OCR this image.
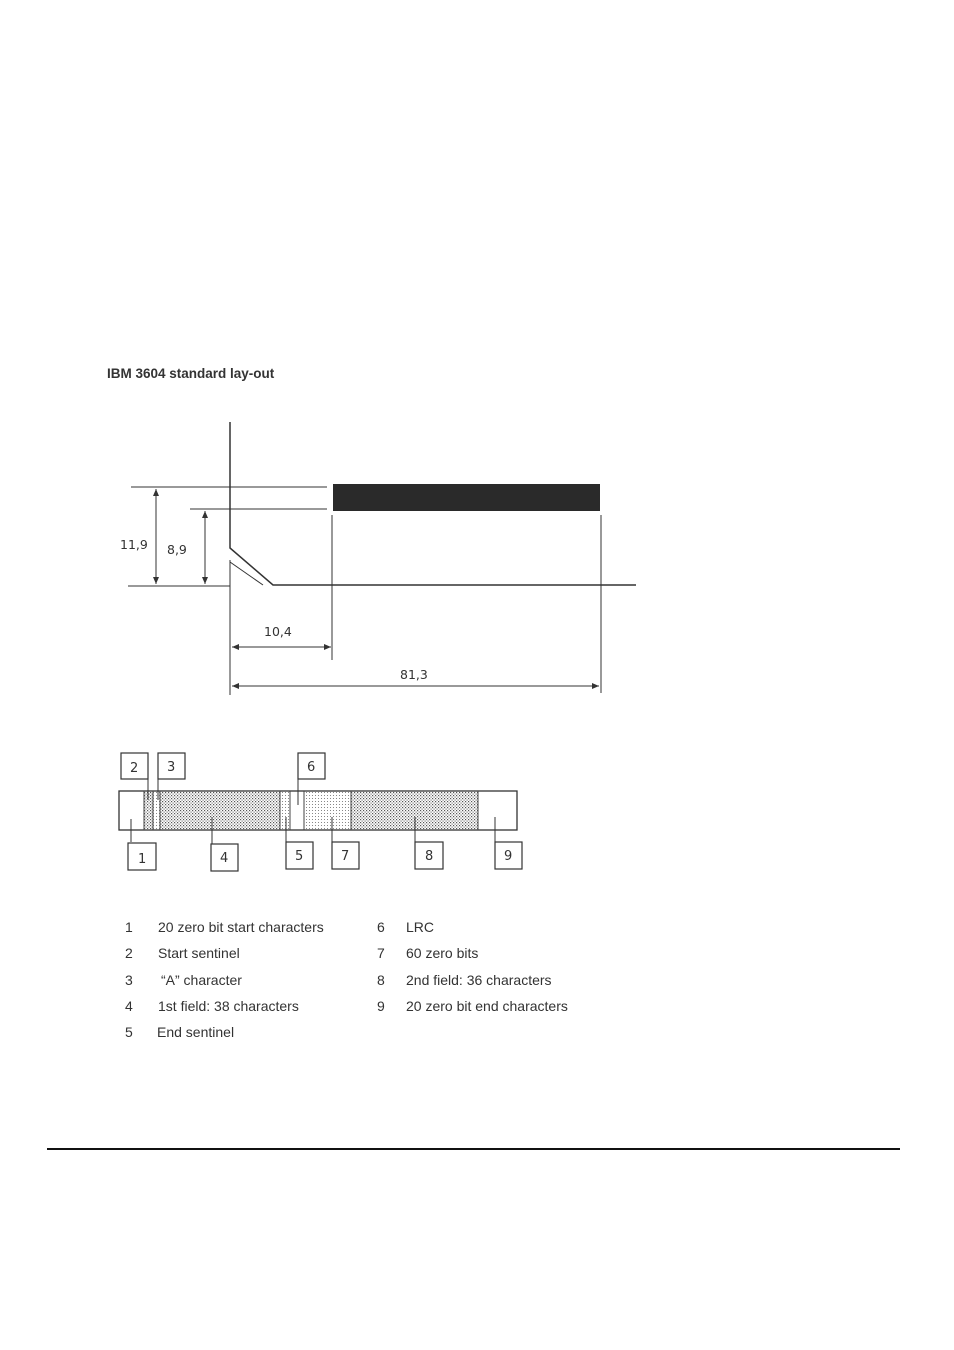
IBM 3604 standard lay-out
11,9 8,9
10,4
81,3
2 3	6
1	4	5	7	8	9
1 20 zero bit start characters
2 Start sentinel
3 “A” character
4 1st field: 38 characters
5 End sentinel
6 LRC
7 60 zero bits
8 2nd field: 36 characters
9 20 zero bit end characters
